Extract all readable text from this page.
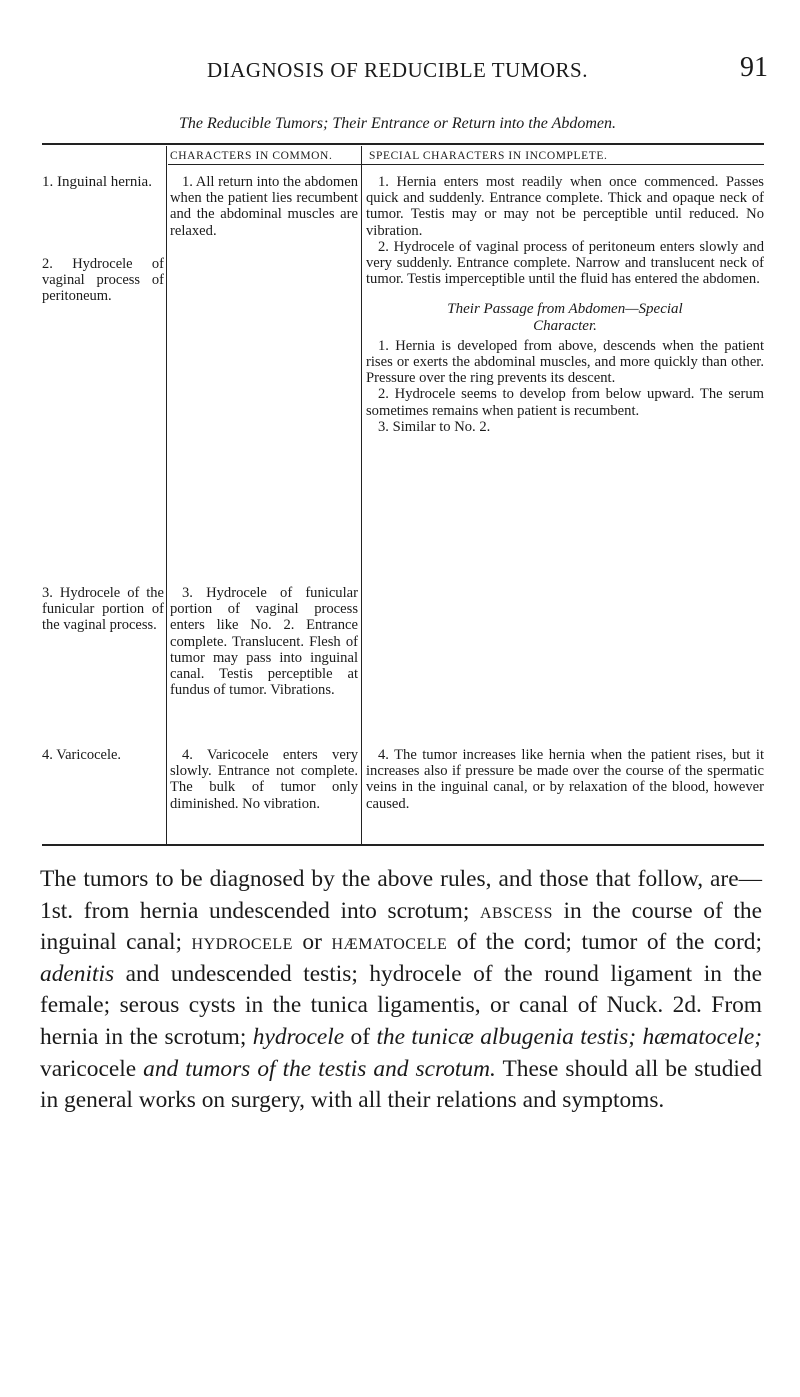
DIAGNOSIS OF REDUCIBLE TUMORS.	91
The Reducible Tumors; Their Entrance or Return into the Abdomen.
CHARACTERS IN COMMON.	SPECIAL CHARACTERS IN INCOMPLETE.

1. Inguinal hernia.

2. Hydrocele of vaginal process of peritoneum.

3. Hydrocele of the funicular portion of the vaginal process.

4. Varicocele.

1. All return into the abdomen when the patient lies recumbent and the abdominal muscles are relaxed.

3. Hydrocele of funicular portion of vaginal process enters like No. 2. Entrance complete. Translucent. Flesh of tumor may pass into inguinal canal. Testis perceptible at fundus of tumor. Vibrations.

4. Varicocele enters very slowly. Entrance not complete. The bulk of tumor only diminished. No vibration.

1. Hernia enters most readily when once commenced. Passes quick and suddenly. Entrance complete. Thick and opaque neck of tumor. Testis may or may not be perceptible until reduced. No vibration.

2. Hydrocele of vaginal process of peritoneum enters slowly and very suddenly. Entrance complete. Narrow and translucent neck of tumor. Testis imperceptible until the fluid has entered the abdomen.

Their Passage from Abdomen—Special
Character.

1. Hernia is developed from above, descends when the patient rises or exerts the abdominal muscles, and more quickly than other. Pressure over the ring prevents its descent.

2. Hydrocele seems to develop from below upward. The serum sometimes remains when patient is recumbent.

3. Similar to No. 2.

4. The tumor increases like hernia when the patient rises, but it increases also if pressure be made over the course of the spermatic veins in the inguinal canal, or by relaxation of the blood, however caused.

The tumors to be diagnosed by the above rules, and those that follow, are—1st. from hernia undescended into scrotum; abscess in the course of the inguinal canal; hydrocele or hæmatocele of the cord; tumor of the cord; adenitis and undescended testis; hydrocele of the round ligament in the female; serous cysts in the tunica ligamentis, or canal of Nuck. 2d. From hernia in the scrotum; hydrocele of the tunicæ albugenia testis; hæmatocele; varicocele and tumors of the testis and scrotum. These should all be studied in general works on surgery, with all their relations and symptoms.
